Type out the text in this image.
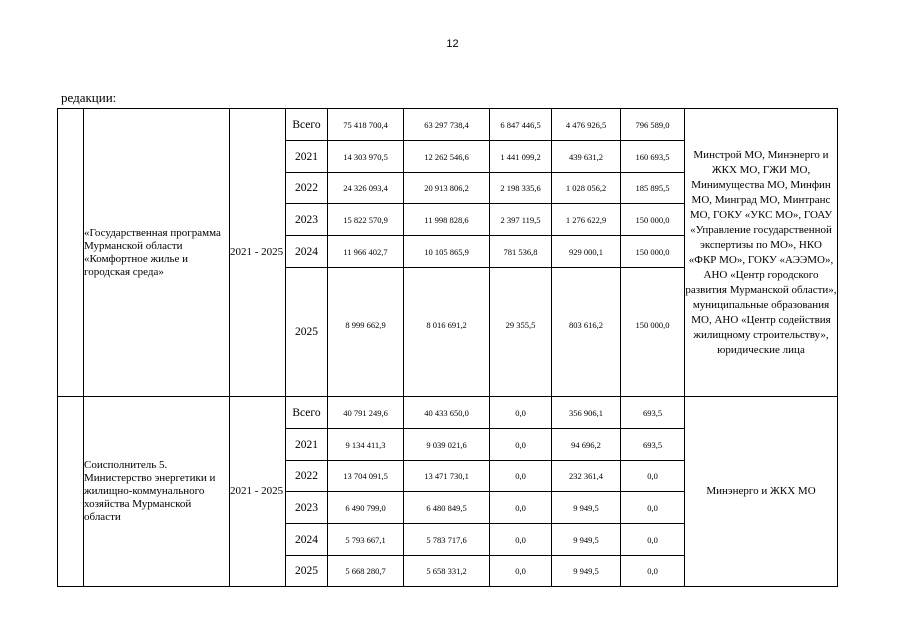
12
редакции:
	«Государственная программа Мурманской области «Комфортное жилье и городская среда»	2021 - 2025	Всего	75 418 700,4	63 297 738,4	6 847 446,5	4 476 926,5	796 589,0	Минстрой МО, Минэнерго и ЖКХ МО, ГЖИ МО, Минимущества МО, Минфин МО, Минград МО, Минтранс МО, ГОКУ «УКС МО», ГОАУ «Управление государственной экспертизы по МО», НКО «ФКР МО», ГОКУ «АЭЭМО», АНО «Центр городского развития Мурманской области», муниципальные образования МО, АНО «Центр содействия жилищному строительству», юридические лица
			2021	14 303 970,5	12 262 546,6	1 441 099,2	439 631,2	160 693,5	
			2022	24 326 093,4	20 913 806,2	2 198 335,6	1 028 056,2	185 895,5	
			2023	15 822 570,9	11 998 828,6	2 397 119,5	1 276 622,9	150 000,0	
			2024	11 966 402,7	10 105 865,9	781 536,8	929 000,1	150 000,0	
			2025	8 999 662,9	8 016 691,2	29 355,5	803 616,2	150 000,0	
	Соисполнитель 5. Министерство энергетики и жилищно-коммунального хозяйства Мурманской области	2021 - 2025	Всего	40 791 249,6	40 433 650,0	0,0	356 906,1	693,5	Минэнерго и ЖКХ МО
			2021	9 134 411,3	9 039 021,6	0,0	94 696,2	693,5	
			2022	13 704 091,5	13 471 730,1	0,0	232 361,4	0,0	
			2023	6 490 799,0	6 480 849,5	0,0	9 949,5	0,0	
			2024	5 793 667,1	5 783 717,6	0,0	9 949,5	0,0	
			2025	5 668 280,7	5 658 331,2	0,0	9 949,5	0,0	
